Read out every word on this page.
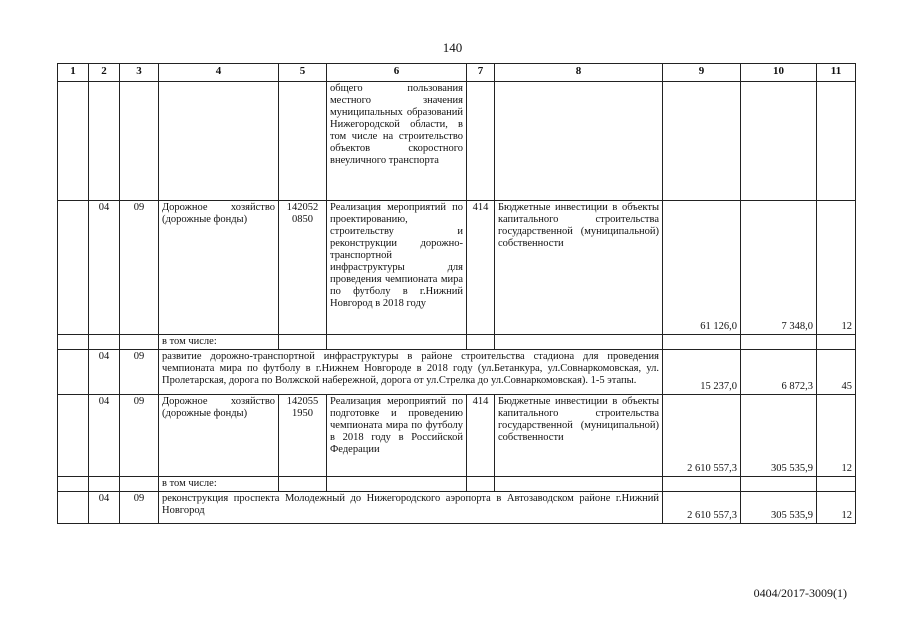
140
1	2	3	4	5	6	7	8	9	10	11
					общего пользования местного значения муниципальных образований Нижегородской области, в том числе на строительство объектов скоростного внеуличного транспорта					
	04	09	Дорожное хозяйство (дорожные фонды)	142052 0850	Реализация мероприятий по проектированию, строительству и реконструкции дорожно-транспортной инфраструктуры для проведения чемпионата мира по футболу в г.Нижний Новгород в 2018 году	414	Бюджетные инвестиции в объекты капитального строительства государственной (муниципальной) собственности	61 126,0	7 348,0	12
			в том числе:							
	04	09	развитие дорожно-транспортной инфраструктуры в районе строительства стадиона для проведения чемпионата мира по футболу в г.Нижнем Новгороде в 2018 году (ул.Бетанкура, ул.Совнаркомовская, ул. Пролетарская, дорога по Волжской набережной, дорога от ул.Стрелка до ул.Совнаркомовская). 1-5 этапы.					15 237,0	6 872,3	45
	04	09	Дорожное хозяйство (дорожные фонды)	142055 1950	Реализация мероприятий по подготовке и проведению чемпионата мира по футболу в 2018 году в Российской Федерации	414	Бюджетные инвестиции в объекты капитального строительства государственной (муниципальной) собственности	2 610 557,3	305 535,9	12
			в том числе:							
	04	09	реконструкция проспекта Молодежный до Нижегородского аэропорта в Автозаводском районе г.Нижний Новгород					2 610 557,3	305 535,9	12
0404/2017-3009(1)
